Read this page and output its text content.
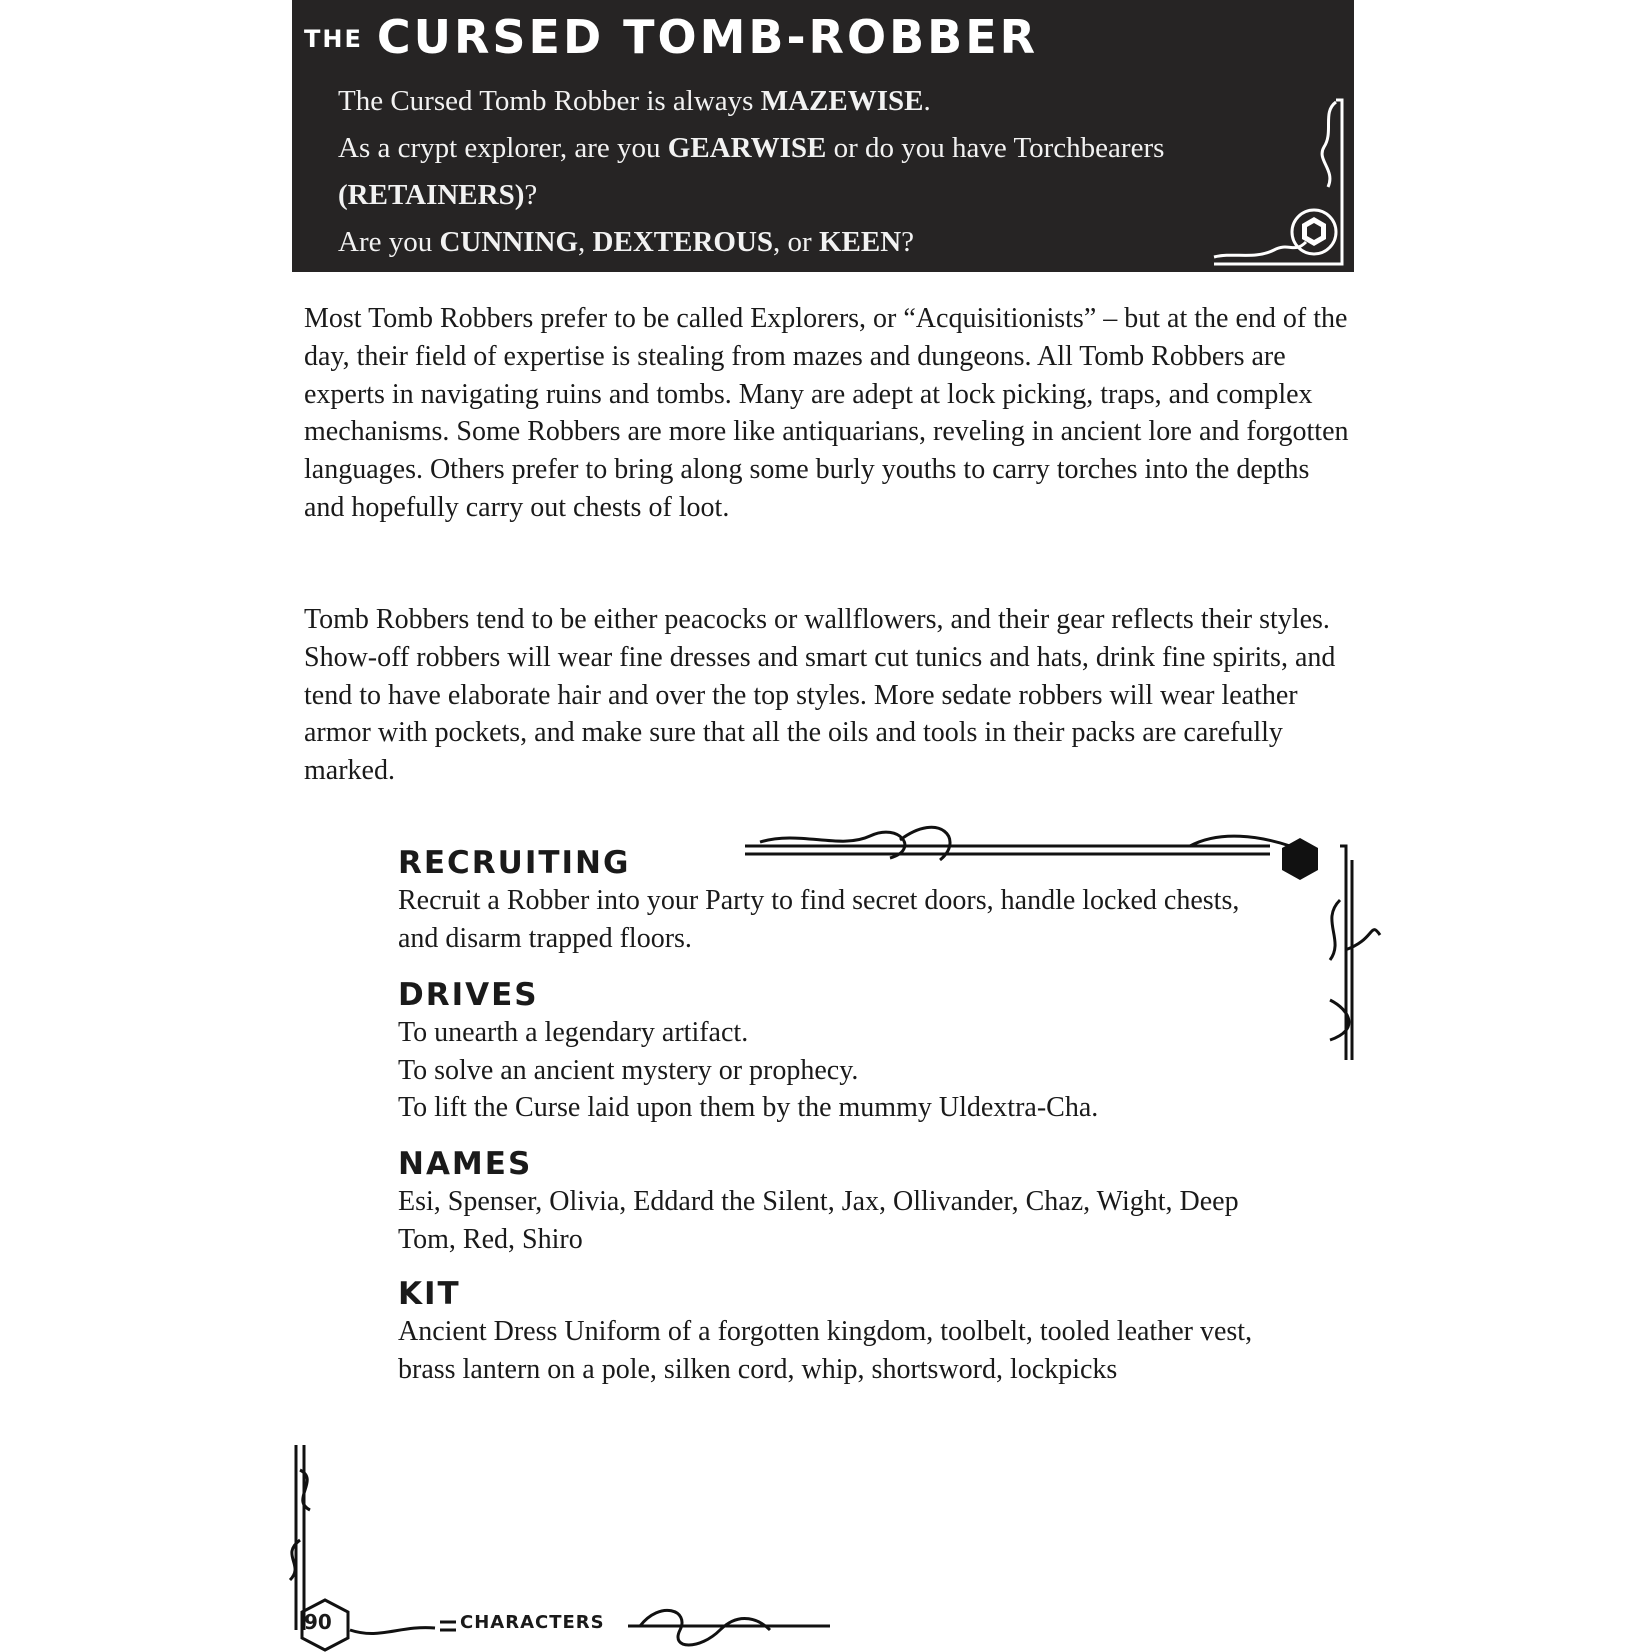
THE CURSED TOMB-ROBBER
The Cursed Tomb Robber is always MAZEWISE.
As a crypt explorer, are you GEARWISE or do you have Torchbearers
(RETAINERS)?
Are you CUNNING, DEXTEROUS, or KEEN?
Most Tomb Robbers prefer to be called Explorers, or “Acquisitionists” – but at the end of the day, their field of expertise is stealing from mazes and dungeons. All Tomb Robbers are experts in navigating ruins and tombs. Many are adept at lock picking, traps, and complex mechanisms. Some Robbers are more like antiquarians, reveling in ancient lore and forgotten languages. Others prefer to bring along some burly youths to carry torches into the depths and hopefully carry out chests of loot.
Tomb Robbers tend to be either peacocks or wallflowers, and their gear reflects their styles. Show-off robbers will wear fine dresses and smart cut tunics and hats, drink fine spirits, and tend to have elaborate hair and over the top styles. More sedate robbers will wear leather armor with pockets, and make sure that all the oils and tools in their packs are carefully marked.
RECRUITING
Recruit a Robber into your Party to find secret doors, handle locked chests, and disarm trapped floors.
DRIVES
To unearth a legendary artifact.
To solve an ancient mystery or prophecy.
To lift the Curse laid upon them by the mummy Uldextra-Cha.
NAMES
Esi, Spenser, Olivia, Eddard the Silent, Jax, Ollivander, Chaz, Wight, Deep Tom, Red, Shiro
KIT
Ancient Dress Uniform of a forgotten kingdom, toolbelt, tooled leather vest, brass lantern on a pole, silken cord, whip, shortsword, lockpicks
90	CHARACTERS
